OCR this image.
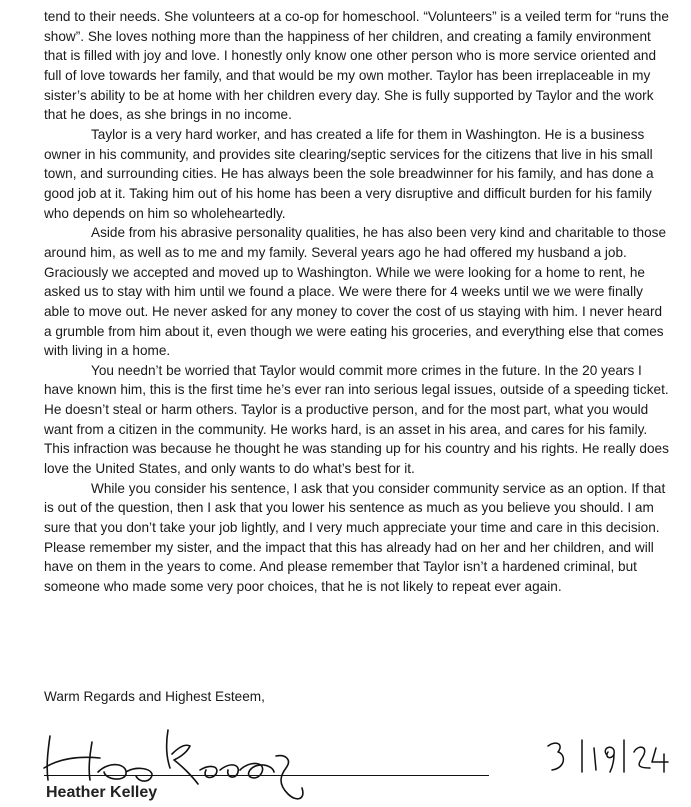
tend to their needs. She volunteers at a co-op for homeschool. “Volunteers” is a veiled term for “runs the show”. She loves nothing more than the happiness of her children, and creating a family environment that is filled with joy and love. I honestly only know one other person who is more service oriented and full of love towards her family, and that would be my own mother. Taylor has been irreplaceable in my sister’s ability to be at home with her children every day. She is fully supported by Taylor and the work that he does, as she brings in no income.

Taylor is a very hard worker, and has created a life for them in Washington. He is a business owner in his community, and provides site clearing/septic services for the citizens that live in his small town, and surrounding cities. He has always been the sole breadwinner for his family, and has done a good job at it. Taking him out of his home has been a very disruptive and difficult burden for his family who depends on him so wholeheartedly.

Aside from his abrasive personality qualities, he has also been very kind and charitable to those around him, as well as to me and my family. Several years ago he had offered my husband a job. Graciously we accepted and moved up to Washington. While we were looking for a home to rent, he asked us to stay with him until we found a place. We were there for 4 weeks until we we were finally able to move out. He never asked for any money to cover the cost of us staying with him. I never heard a grumble from him about it, even though we were eating his groceries, and everything else that comes with living in a home.

You needn’t be worried that Taylor would commit more crimes in the future. In the 20 years I have known him, this is the first time he’s ever ran into serious legal issues, outside of a speeding ticket. He doesn’t steal or harm others. Taylor is a productive person, and for the most part, what you would want from a citizen in the community. He works hard, is an asset in his area, and cares for his family. This infraction was because he thought he was standing up for his country and his rights. He really does love the United States, and only wants to do what’s best for it.

While you consider his sentence, I ask that you consider community service as an option. If that is out of the question, then I ask that you lower his sentence as much as you believe you should. I am sure that you don’t take your job lightly, and I very much appreciate your time and care in this decision. Please remember my sister, and the impact that this has already had on her and her children, and will have on them in the years to come. And please remember that Taylor isn’t a hardened criminal, but someone who made some very poor choices, that he is not likely to repeat ever again.

Warm Regards and Highest Esteem,
Heather Kelley
